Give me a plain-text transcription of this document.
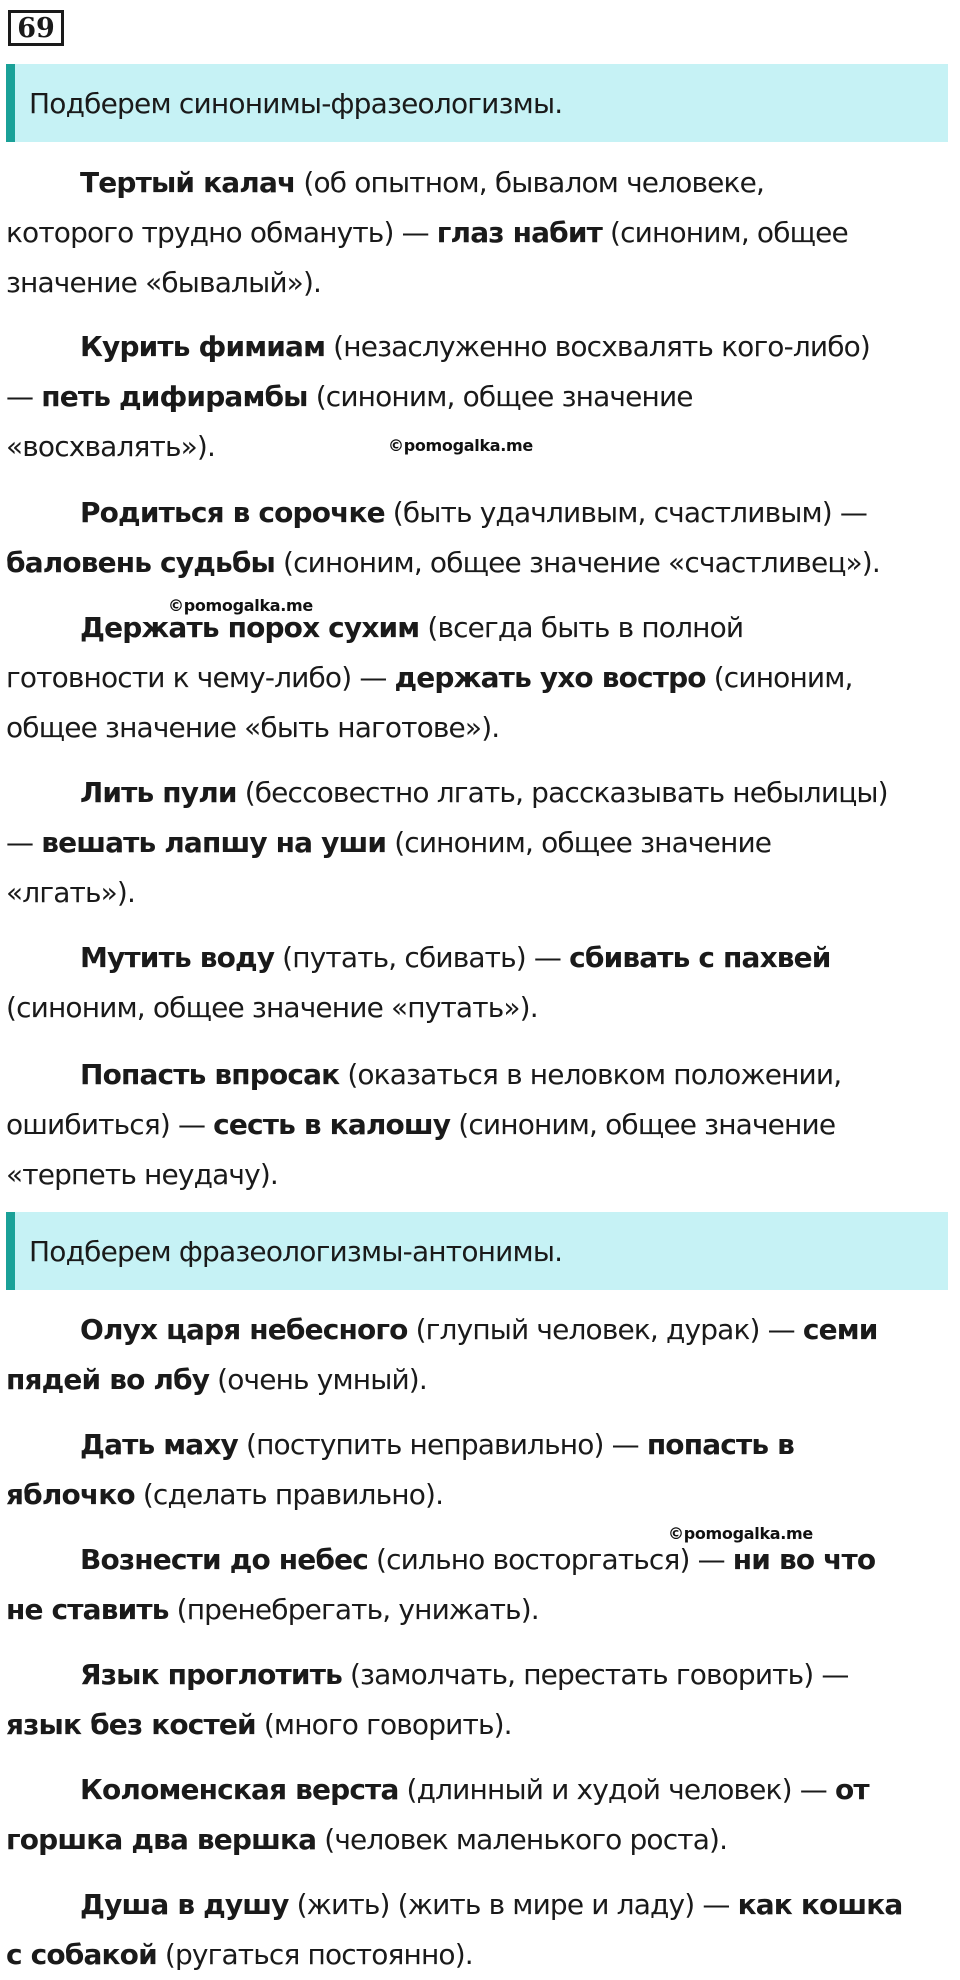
69
Подберем синонимы-фразеологизмы.
Тертый калач (об опытном, бывалом человеке,
которого трудно обмануть) — глаз набит (синоним, общее
значение «бывалый»).
Курить фимиам (незаслуженно восхвалять кого-либо)
— петь дифирамбы (синоним, общее значение
«восхвалять»).
Родиться в сорочке (быть удачливым, счастливым) —
баловень судьбы (синоним, общее значение «счастливец»).
Держать порох сухим (всегда быть в полной
готовности к чему-либо) — держать ухо востро (синоним,
общее значение «быть наготове»).
Лить пули (бессовестно лгать, рассказывать небылицы)
— вешать лапшу на уши (синоним, общее значение
«лгать»).
Мутить воду (путать, сбивать) — сбивать с пахвей
(синоним, общее значение «путать»).
Попасть впросак (оказаться в неловком положении,
ошибиться) — сесть в калошу (синоним, общее значение
«терпеть неудачу).
Подберем фразеологизмы-антонимы.
Олух царя небесного (глупый человек, дурак) — семи
пядей во лбу (очень умный).
Дать маху (поступить неправильно) — попасть в
яблочко (сделать правильно).
Вознести до небес (сильно восторгаться) — ни во что
не ставить (пренебрегать, унижать).
Язык проглотить (замолчать, перестать говорить) —
язык без костей (много говорить).
Коломенская верста (длинный и худой человек) — от
горшка два вершка (человек маленького роста).
Душа в душу (жить) (жить в мире и ладу) — как кошка
с собакой (ругаться постоянно).
©pomogalka.me
©pomogalka.me
©pomogalka.me
